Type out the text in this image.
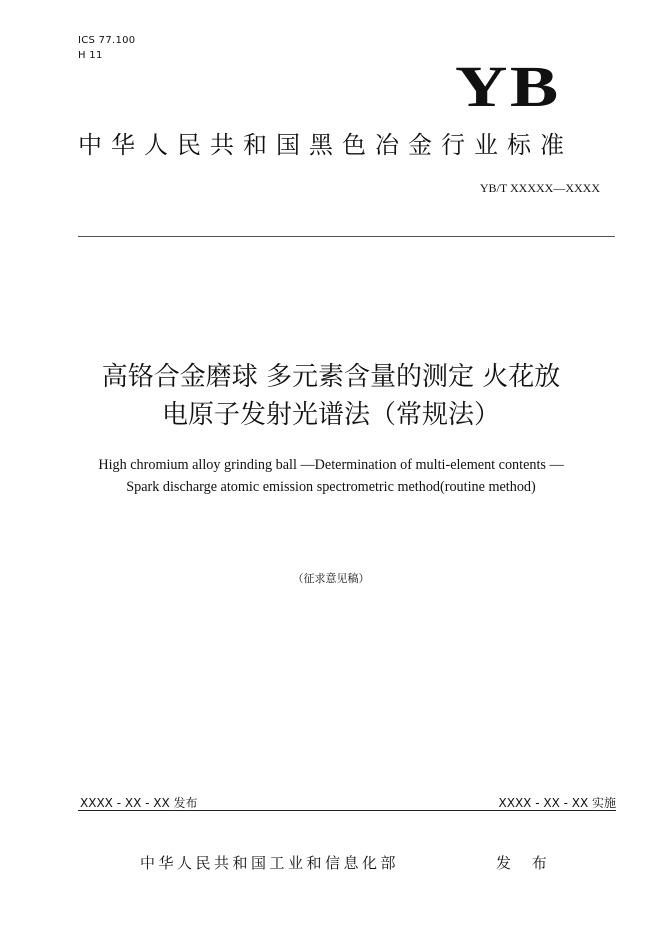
ICS 77.100
H 11	YB
中华人民共和国黑色冶金行业标准
YB/T XXXXX—XXXX
高铬合金磨球 多元素含量的测定 火花放
电原子发射光谱法（常规法）
High chromium alloy grinding ball —Determination of multi-element contents —
Spark discharge atomic emission spectrometric method(routine method)
（征求意见稿）
XXXX - XX - XX 发布	XXXX - XX - XX 实施
中华人民共和国工业和信息化部	发 布
